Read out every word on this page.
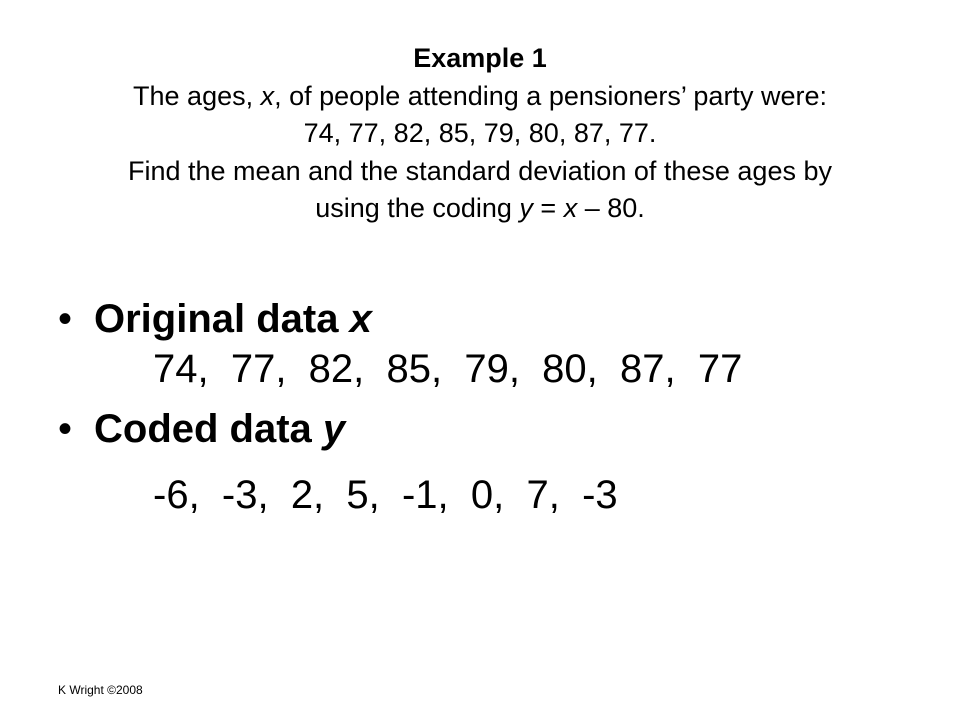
Example 1
The ages, x, of people attending a pensioners’ party were:
74, 77, 82, 85, 79, 80, 87, 77.
Find the mean and the standard deviation of these ages by
using the coding y = x – 80.
• Original data x
74,  77,  82,  85,  79,  80,  87,  77
• Coded data y
-6,  -3,  2,  5,  -1,  0,  7,  -3
K Wright ©2008
